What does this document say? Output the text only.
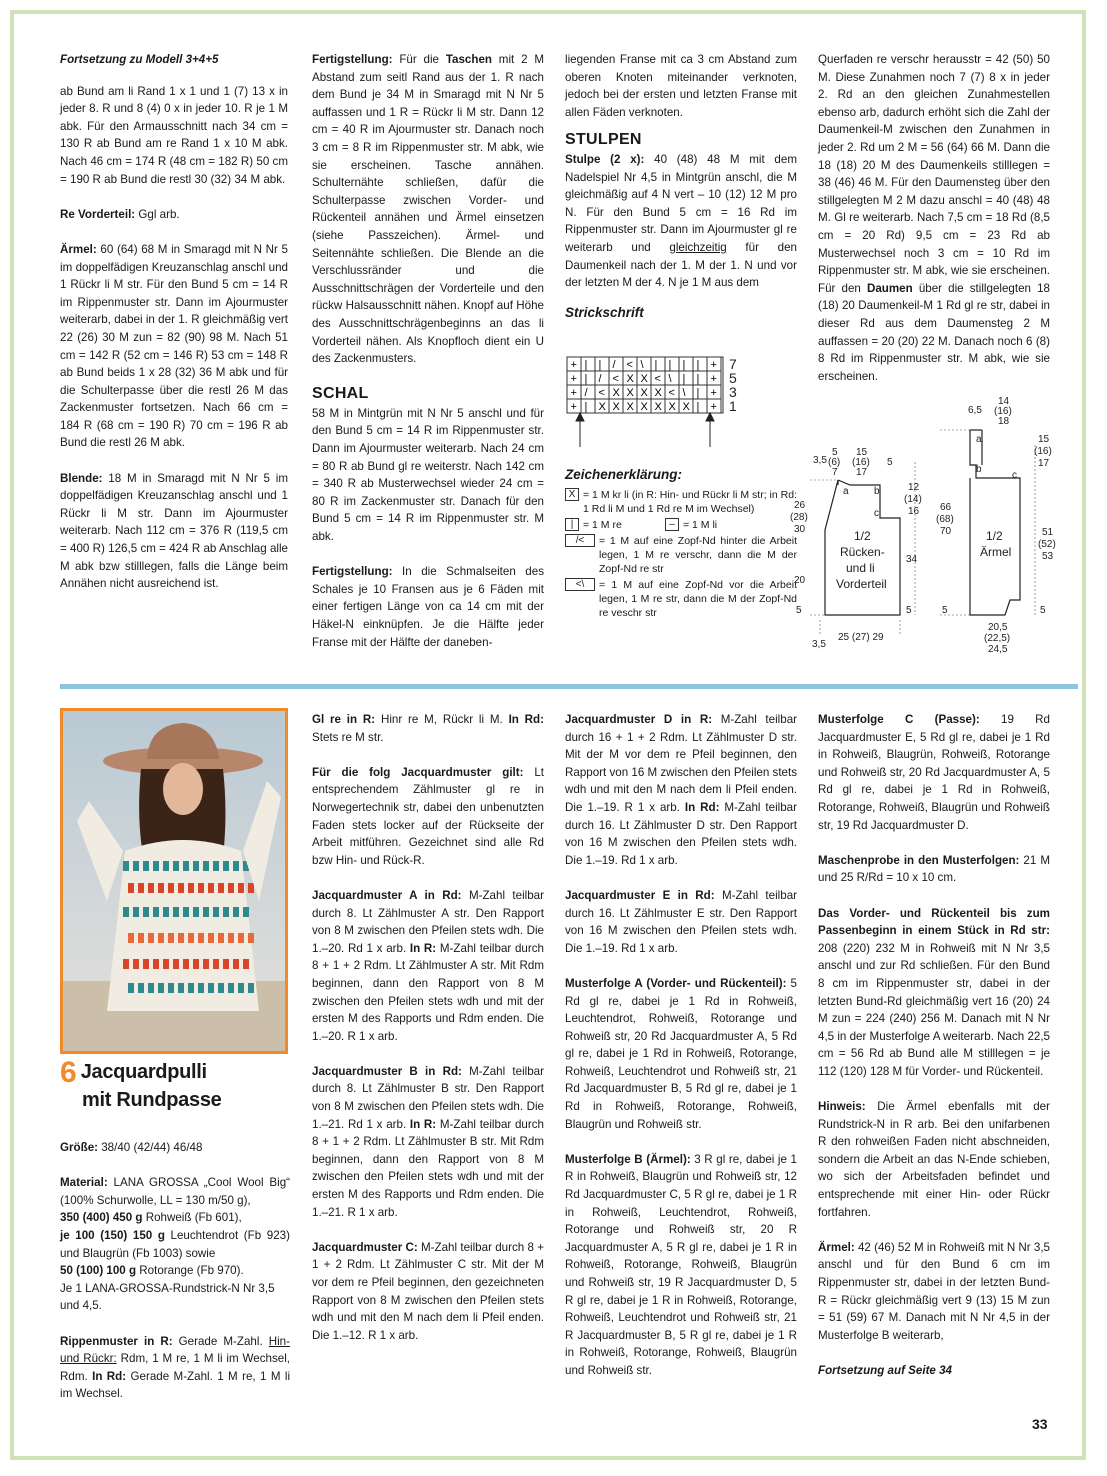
Fortsetzung zu Modell 3+4+5

ab Bund am li Rand 1 x 1 und 1 (7) 13 x in jeder 8. R und 8 (4) 0 x in jeder 10. R je 1 M abk. Für den Armausschnitt nach 34 cm = 130 R ab Bund am re Rand 1 x 10 M abk. Nach 46 cm = 174 R (48 cm = 182 R) 50 cm = 190 R ab Bund die restl 30 (32) 34 M abk.

Re Vorderteil: Ggl arb.

Ärmel: 60 (64) 68 M in Smaragd mit N Nr 5 im doppelfädigen Kreuzanschlag anschl und 1 Rückr li M str. Für den Bund 5 cm = 14 R im Rippenmuster str. Dann im Ajourmuster weiterarb, dabei in der 1. R gleichmäßig vert 22 (26) 30 M zun = 82 (90) 98 M. Nach 51 cm = 142 R (52 cm = 146 R) 53 cm = 148 R ab Bund beids 1 x 28 (32) 36 M abk und für die Schulterpasse über die restl 26 M das Zackenmuster fortsetzen. Nach 66 cm = 184 R (68 cm = 190 R) 70 cm = 196 R ab Bund die restl 26 M abk.

Blende: 18 M in Smaragd mit N Nr 5 im doppelfädigen Kreuzanschlag anschl und 1 Rückr li M str. Dann im Ajourmuster weiterarb. Nach 112 cm = 376 R (119,5 cm = 400 R) 126,5 cm = 424 R ab Anschlag alle M abk bzw stilllegen, falls die Länge beim Annähen nicht ausreichend ist.

Fertigstellung: Für die Taschen mit 2 M Abstand zum seitl Rand aus der 1. R nach dem Bund je 34 M in Smaragd mit N Nr 5 auffassen und 1 R = Rückr li M str. Dann 12 cm = 40 R im Ajourmuster str. Danach noch 3 cm = 8 R im Rippenmuster str. M abk, wie sie erscheinen. Tasche annähen. Schulternähte schließen, dafür die Schulterpasse zwischen Vorder- und Rückenteil annähen und Ärmel einsetzen (siehe Passzeichen). Ärmel- und Seitennähte schließen. Die Blende an die Verschlussränder und die Ausschnittschrägen der Vorderteile und den rückw Halsausschnitt nähen. Knopf auf Höhe des Ausschnittschrägenbeginns an das li Vorderteil nähen. Als Knopfloch dient ein U des Zackenmusters.

SCHAL

58 M in Mintgrün mit N Nr 5 anschl und für den Bund 5 cm = 14 R im Rippenmuster str. Dann im Ajourmuster weiterarb. Nach 24 cm = 80 R ab Bund gl re weiterstr. Nach 142 cm = 340 R ab Musterwechsel wieder 24 cm = 80 R im Zackenmuster str. Danach für den Bund 5 cm = 14 R im Rippenmuster str. M abk.

Fertigstellung: In die Schmalseiten des Schales je 10 Fransen aus je 6 Fäden mit einer fertigen Länge von ca 14 cm mit der Häkel-N einknüpfen. Je die Hälfte jeder Franse mit der Hälfte der daneben-

liegenden Franse mit ca 3 cm Abstand zum oberen Knoten miteinander verknoten, jedoch bei der ersten und letzten Franse mit allen Fäden verknoten.

STULPEN

Stulpe (2 x): 40 (48) 48 M mit dem Nadelspiel Nr 4,5 in Mintgrün anschl, die M gleichmäßig auf 4 N vert – 10 (12) 12 M pro N. Für den Bund 5 cm = 16 Rd im Rippenmuster str. Dann im Ajourmuster gl re weiterarb und gleichzeitig für den Daumenkeil nach der 1. M der 1. N und vor der letzten M der 4. N je 1 M aus dem

Strickschrift
+ | | / < \ | | | | +
+ | / < X X < \ | | +
+ / < X X X X < \ | +
+ | X X X X X X X | +
7
5
3
1
Zeichenerklärung:
X = 1 M kr li (in R: Hin- und Rückr li M str; in Rd: 1 Rd li M und 1 Rd re M im Wechsel)
| = 1 M re	– = 1 M li
/<	= 1 M auf eine Zopf-Nd hinter die Arbeit legen, 1 M re verschr, dann die M der Zopf-Nd re str
<\	= 1 M auf eine Zopf-Nd vor die Arbeit legen, 1 M re str, dann die M der Zopf-Nd re veschr str

Querfaden re verschr herausstr = 42 (50) 50 M. Diese Zunahmen noch 7 (7) 8 x in jeder 2. Rd an den gleichen Zunahmestellen ebenso arb, dadurch erhöht sich die Zahl der Daumenkeil-M zwischen den Zunahmen in jeder 2. Rd um 2 M = 56 (64) 66 M. Dann die 18 (18) 20 M des Daumenkeils stilllegen = 38 (46) 46 M. Für den Daumensteg über den stillgelegten M 2 M dazu anschl = 40 (48) 48 M. Gl re weiterarb. Nach 7,5 cm = 18 Rd (8,5 cm = 20 Rd) 9,5 cm = 23 Rd ab Musterwechsel noch 3 cm = 10 Rd im Rippenmuster str. M abk, wie sie erscheinen. Für den Daumen über die stillgelegten 18 (18) 20 Daumenkeil-M 1 Rd gl re str, dabei in dieser Rd aus dem Daumensteg 2 M auffassen = 20 (20) 22 M. Danach noch 6 (8) 8 Rd im Rippenmuster str. M abk, wie sie erscheinen.

3,5
5
(6)
7
15
(16)
17
5
a	b
c
1/2
Rücken-
und li
Vorderteil
26
(28)
30
20
5
34
5
12
(14)
16
3,5
25 (27) 29
6,5
14
(16)
18
a
b
c
66
(68)
70
5
1/2
Ärmel
15
(16)
17
51
(52)
53
5
20,5
(22,5)
24,5
6 Jacquardpulli
mit Rundpasse

Größe: 38/40 (42/44) 46/48

Material: LANA GROSSA „Cool Wool Big“ (100% Schurwolle, LL = 130 m/50 g),

350 (400) 450 g Rohweiß (Fb 601),

je 100 (150) 150 g Leuchtendrot (Fb 923) und Blaugrün (Fb 1003) sowie

50 (100) 100 g Rotorange (Fb 970).

Je 1 LANA-GROSSA-Rundstrick-N Nr 3,5 und 4,5.

Rippenmuster in R: Gerade M-Zahl. Hin- und Rückr: Rdm, 1 M re, 1 M li im Wechsel, Rdm. In Rd: Gerade M-Zahl. 1 M re, 1 M li im Wechsel.

Gl re in R: Hinr re M, Rückr li M. In Rd: Stets re M str.

Für die folg Jacquardmuster gilt: Lt entsprechendem Zählmuster gl re in Norwegertechnik str, dabei den unbenutzten Faden stets locker auf der Rückseite der Arbeit mitführen. Gezeichnet sind alle Rd bzw Hin- und Rück-R.

Jacquardmuster A in Rd: M-Zahl teilbar durch 8. Lt Zählmuster A str. Den Rapport von 8 M zwischen den Pfeilen stets wdh. Die 1.–20. Rd 1 x arb. In R: M-Zahl teilbar durch 8 + 1 + 2 Rdm. Lt Zählmuster A str. Mit Rdm beginnen, dann den Rapport von 8 M zwischen den Pfeilen stets wdh und mit der ersten M des Rapports und Rdm enden. Die 1.–20. R 1 x arb.

Jacquardmuster B in Rd: M-Zahl teilbar durch 8. Lt Zählmuster B str. Den Rapport von 8 M zwischen den Pfeilen stets wdh. Die 1.–21. Rd 1 x arb. In R: M-Zahl teilbar durch 8 + 1 + 2 Rdm. Lt Zählmuster B str. Mit Rdm beginnen, dann den Rapport von 8 M zwischen den Pfeilen stets wdh und mit der ersten M des Rapports und Rdm enden. Die 1.–21. R 1 x arb.

Jacquardmuster C: M-Zahl teilbar durch 8 + 1 + 2 Rdm. Lt Zählmuster C str. Mit der M vor dem re Pfeil beginnen, den gezeichneten Rapport von 8 M zwischen den Pfeilen stets wdh und mit den M nach dem li Pfeil enden. Die 1.–12. R 1 x arb.

Jacquardmuster D in R: M-Zahl teilbar durch 16 + 1 + 2 Rdm. Lt Zählmuster D str. Mit der M vor dem re Pfeil beginnen, den Rapport von 16 M zwischen den Pfeilen stets wdh und mit den M nach dem li Pfeil enden. Die 1.–19. R 1 x arb. In Rd: M-Zahl teilbar durch 16. Lt Zählmuster D str. Den Rapport von 16 M zwischen den Pfeilen stets wdh. Die 1.–19. Rd 1 x arb.

Jacquardmuster E in Rd: M-Zahl teilbar durch 16. Lt Zählmuster E str. Den Rapport von 16 M zwischen den Pfeilen stets wdh. Die 1.–19. Rd 1 x arb.

Musterfolge A (Vorder- und Rückenteil): 5 Rd gl re, dabei je 1 Rd in Rohweiß, Leuchtendrot, Rohweiß, Rotorange und Rohweiß str, 20 Rd Jacquardmuster A, 5 Rd gl re, dabei je 1 Rd in Rohweiß, Rotorange, Rohweiß, Leuchtendrot und Rohweiß str, 21 Rd Jacquardmuster B, 5 Rd gl re, dabei je 1 Rd in Rohweiß, Rotorange, Rohweiß, Blaugrün und Rohweiß str.

Musterfolge B (Ärmel): 3 R gl re, dabei je 1 R in Rohweiß, Blaugrün und Rohweiß str, 12 Rd Jacquardmuster C, 5 R gl re, dabei je 1 R in Rohweiß, Leuchtendrot, Rohweiß, Rotorange und Rohweiß str, 20 R Jacquardmuster A, 5 R gl re, dabei je 1 R in Rohweiß, Rotorange, Rohweiß, Blaugrün und Rohweiß str, 19 R Jacquardmuster D, 5 R gl re, dabei je 1 R in Rohweiß, Rotorange, Rohweiß, Leuchtendrot und Rohweiß str, 21 R Jacquardmuster B, 5 R gl re, dabei je 1 R in Rohweiß, Rotorange, Rohweiß, Blaugrün und Rohweiß str.

Musterfolge C (Passe): 19 Rd Jacquardmuster E, 5 Rd gl re, dabei je 1 Rd in Rohweiß, Blaugrün, Rohweiß, Rotorange und Rohweiß str, 20 Rd Jacquardmuster A, 5 Rd gl re, dabei je 1 Rd in Rohweiß, Rotorange, Rohweiß, Blaugrün und Rohweiß str, 19 Rd Jacquardmuster D.

Maschenprobe in den Musterfolgen: 21 M und 25 R/Rd = 10 x 10 cm.

Das Vorder- und Rückenteil bis zum Passenbeginn in einem Stück in Rd str: 208 (220) 232 M in Rohweiß mit N Nr 3,5 anschl und zur Rd schließen. Für den Bund 8 cm im Rippenmuster str, dabei in der letzten Bund-Rd gleichmäßig vert 16 (20) 24 M zun = 224 (240) 256 M. Danach mit N Nr 4,5 in der Musterfolge A weiterarb. Nach 22,5 cm = 56 Rd ab Bund alle M stilllegen = je 112 (120) 128 M für Vorder- und Rückenteil.

Hinweis: Die Ärmel ebenfalls mit der Rundstrick-N in R arb. Bei den unifarbenen R den rohweißen Faden nicht abschneiden, sondern die Arbeit an das N-Ende schieben, wo sich der Arbeitsfaden befindet und entsprechende mit einer Hin- oder Rückr fortfahren.

Ärmel: 42 (46) 52 M in Rohweiß mit N Nr 3,5 anschl und für den Bund 6 cm im Rippenmuster str, dabei in der letzten Bund-R = Rückr gleichmäßig vert 9 (13) 15 M zun = 51 (59) 67 M. Danach mit N Nr 4,5 in der Musterfolge B weiterarb,

Fortsetzung auf Seite 34

33
